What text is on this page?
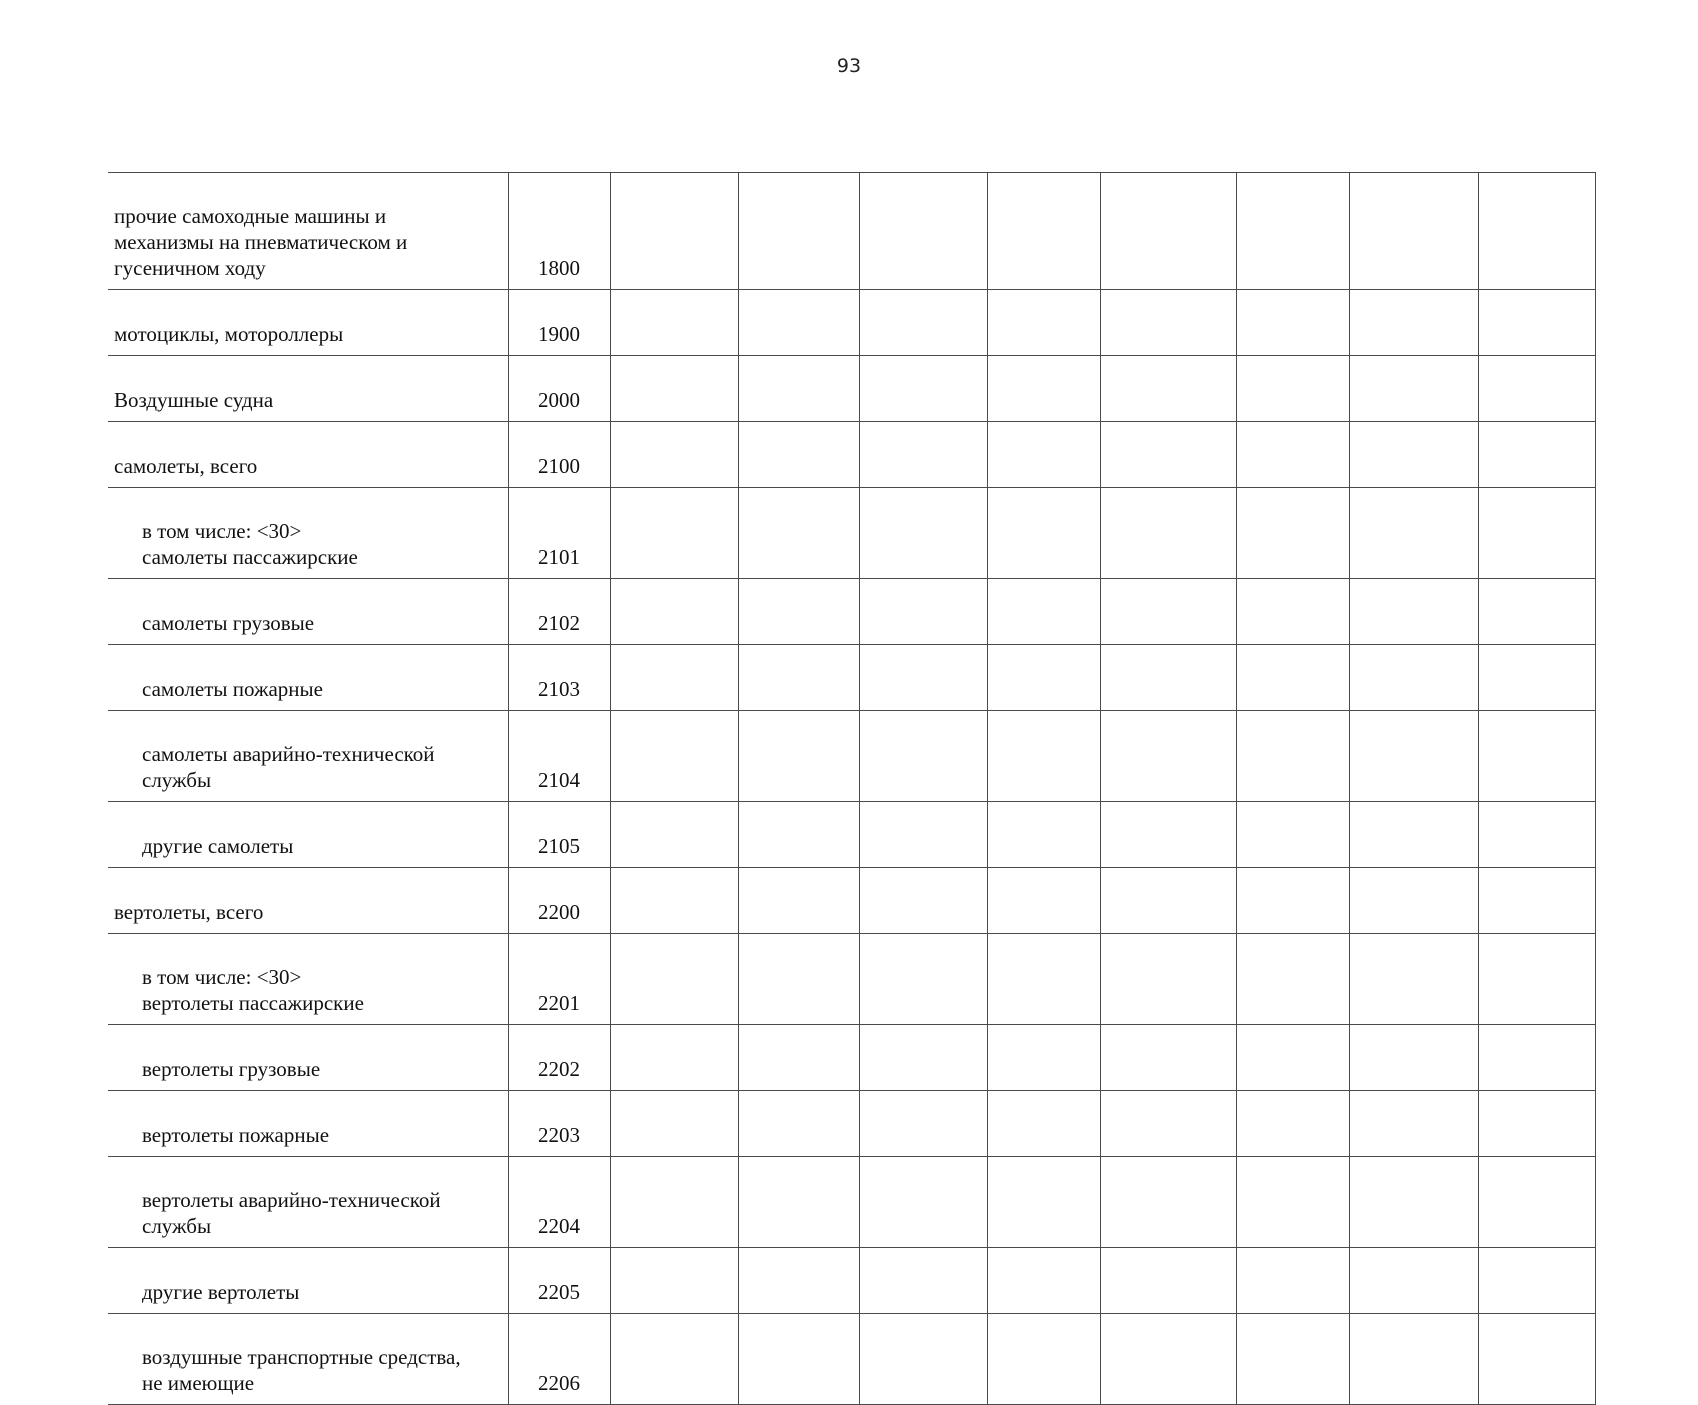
93
прочие самоходные машины и
механизмы на пневматическом и
гусеничном ходу	1800								

мотоциклы, мотороллеры	1900								

Воздушные судна	2000								

самолеты, всего	2100								

в том числе: <30>
самолеты пассажирские	2101								

самолеты грузовые	2102								

самолеты пожарные	2103								

самолеты аварийно-технической
службы	2104								

другие самолеты	2105								

вертолеты, всего	2200								

в том числе: <30>
вертолеты пассажирские	2201								

вертолеты грузовые	2202								

вертолеты пожарные	2203								

вертолеты аварийно-технической
службы	2204								

другие вертолеты	2205								

воздушные транспортные средства,
не имеющие	2206								
